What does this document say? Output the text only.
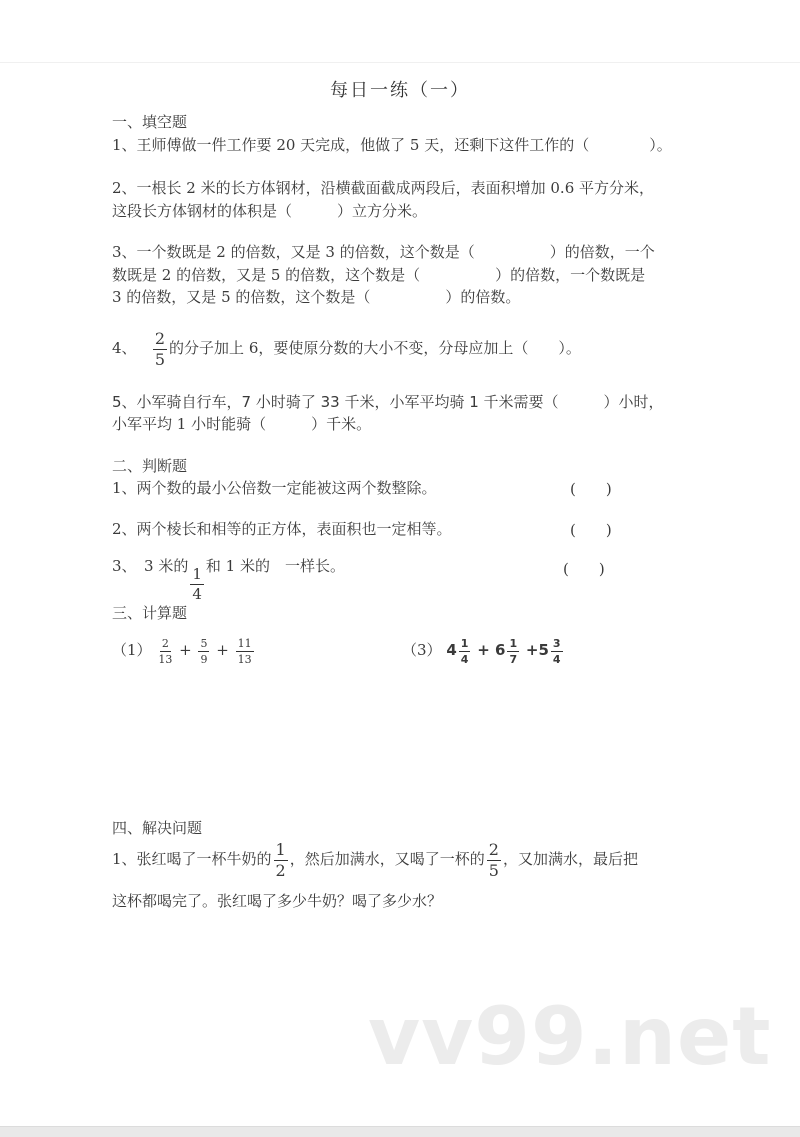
每日一练（一）
一、填空题
1、王师傅做一件工作要 20 天完成，他做了 5 天，还剩下这件工作的（　　　　）。
2、一根长 2 米的长方体钢材，沿横截面截成两段后，表面积增加 0.6 平方分米，
这段长方体钢材的体积是（　　　）立方分米。
3、一个数既是 2 的倍数，又是 3 的倍数，这个数是（　　　　　）的倍数，一个
数既是 2 的倍数，又是 5 的倍数，这个数是（　　　　　）的倍数，一个数既是
3 的倍数，又是 5 的倍数，这个数是（　　　　　）的倍数。
4、 $\frac{2}{5}$ 的分子加上 6，要使原分数的大小不变，分母应加上（　　）。
5、小军骑自行车，7 小时骑了 33 千米，小军平均骑 1 千米需要（　　　）小时，
小军平均 1 小时能骑（　　　）千米。
二、判断题
1、两个数的最小公倍数一定能被这两个数整除。	(　　)
2、两个棱长和相等的正方体，表面积也一定相等。	(　　)
3、　3 米的
$\frac{1}{4}$
和 1 米的　一样长。	(　　)
三、计算题
$(1) \frac{2}{13} + \frac{5}{9} + \frac{11}{13}$	（3） $4 \frac{1}{4} + 6 \frac{1}{7} +5 \frac{3}{4}$
四、解决问题
1、张红喝了一杯牛奶的 $\frac{1}{2}$ ，然后加满水，又喝了一杯的 $\frac{2}{5}$ ，又加满水，最后把
这杯都喝完了。张红喝了多少牛奶？喝了多少水？
vv99.net
